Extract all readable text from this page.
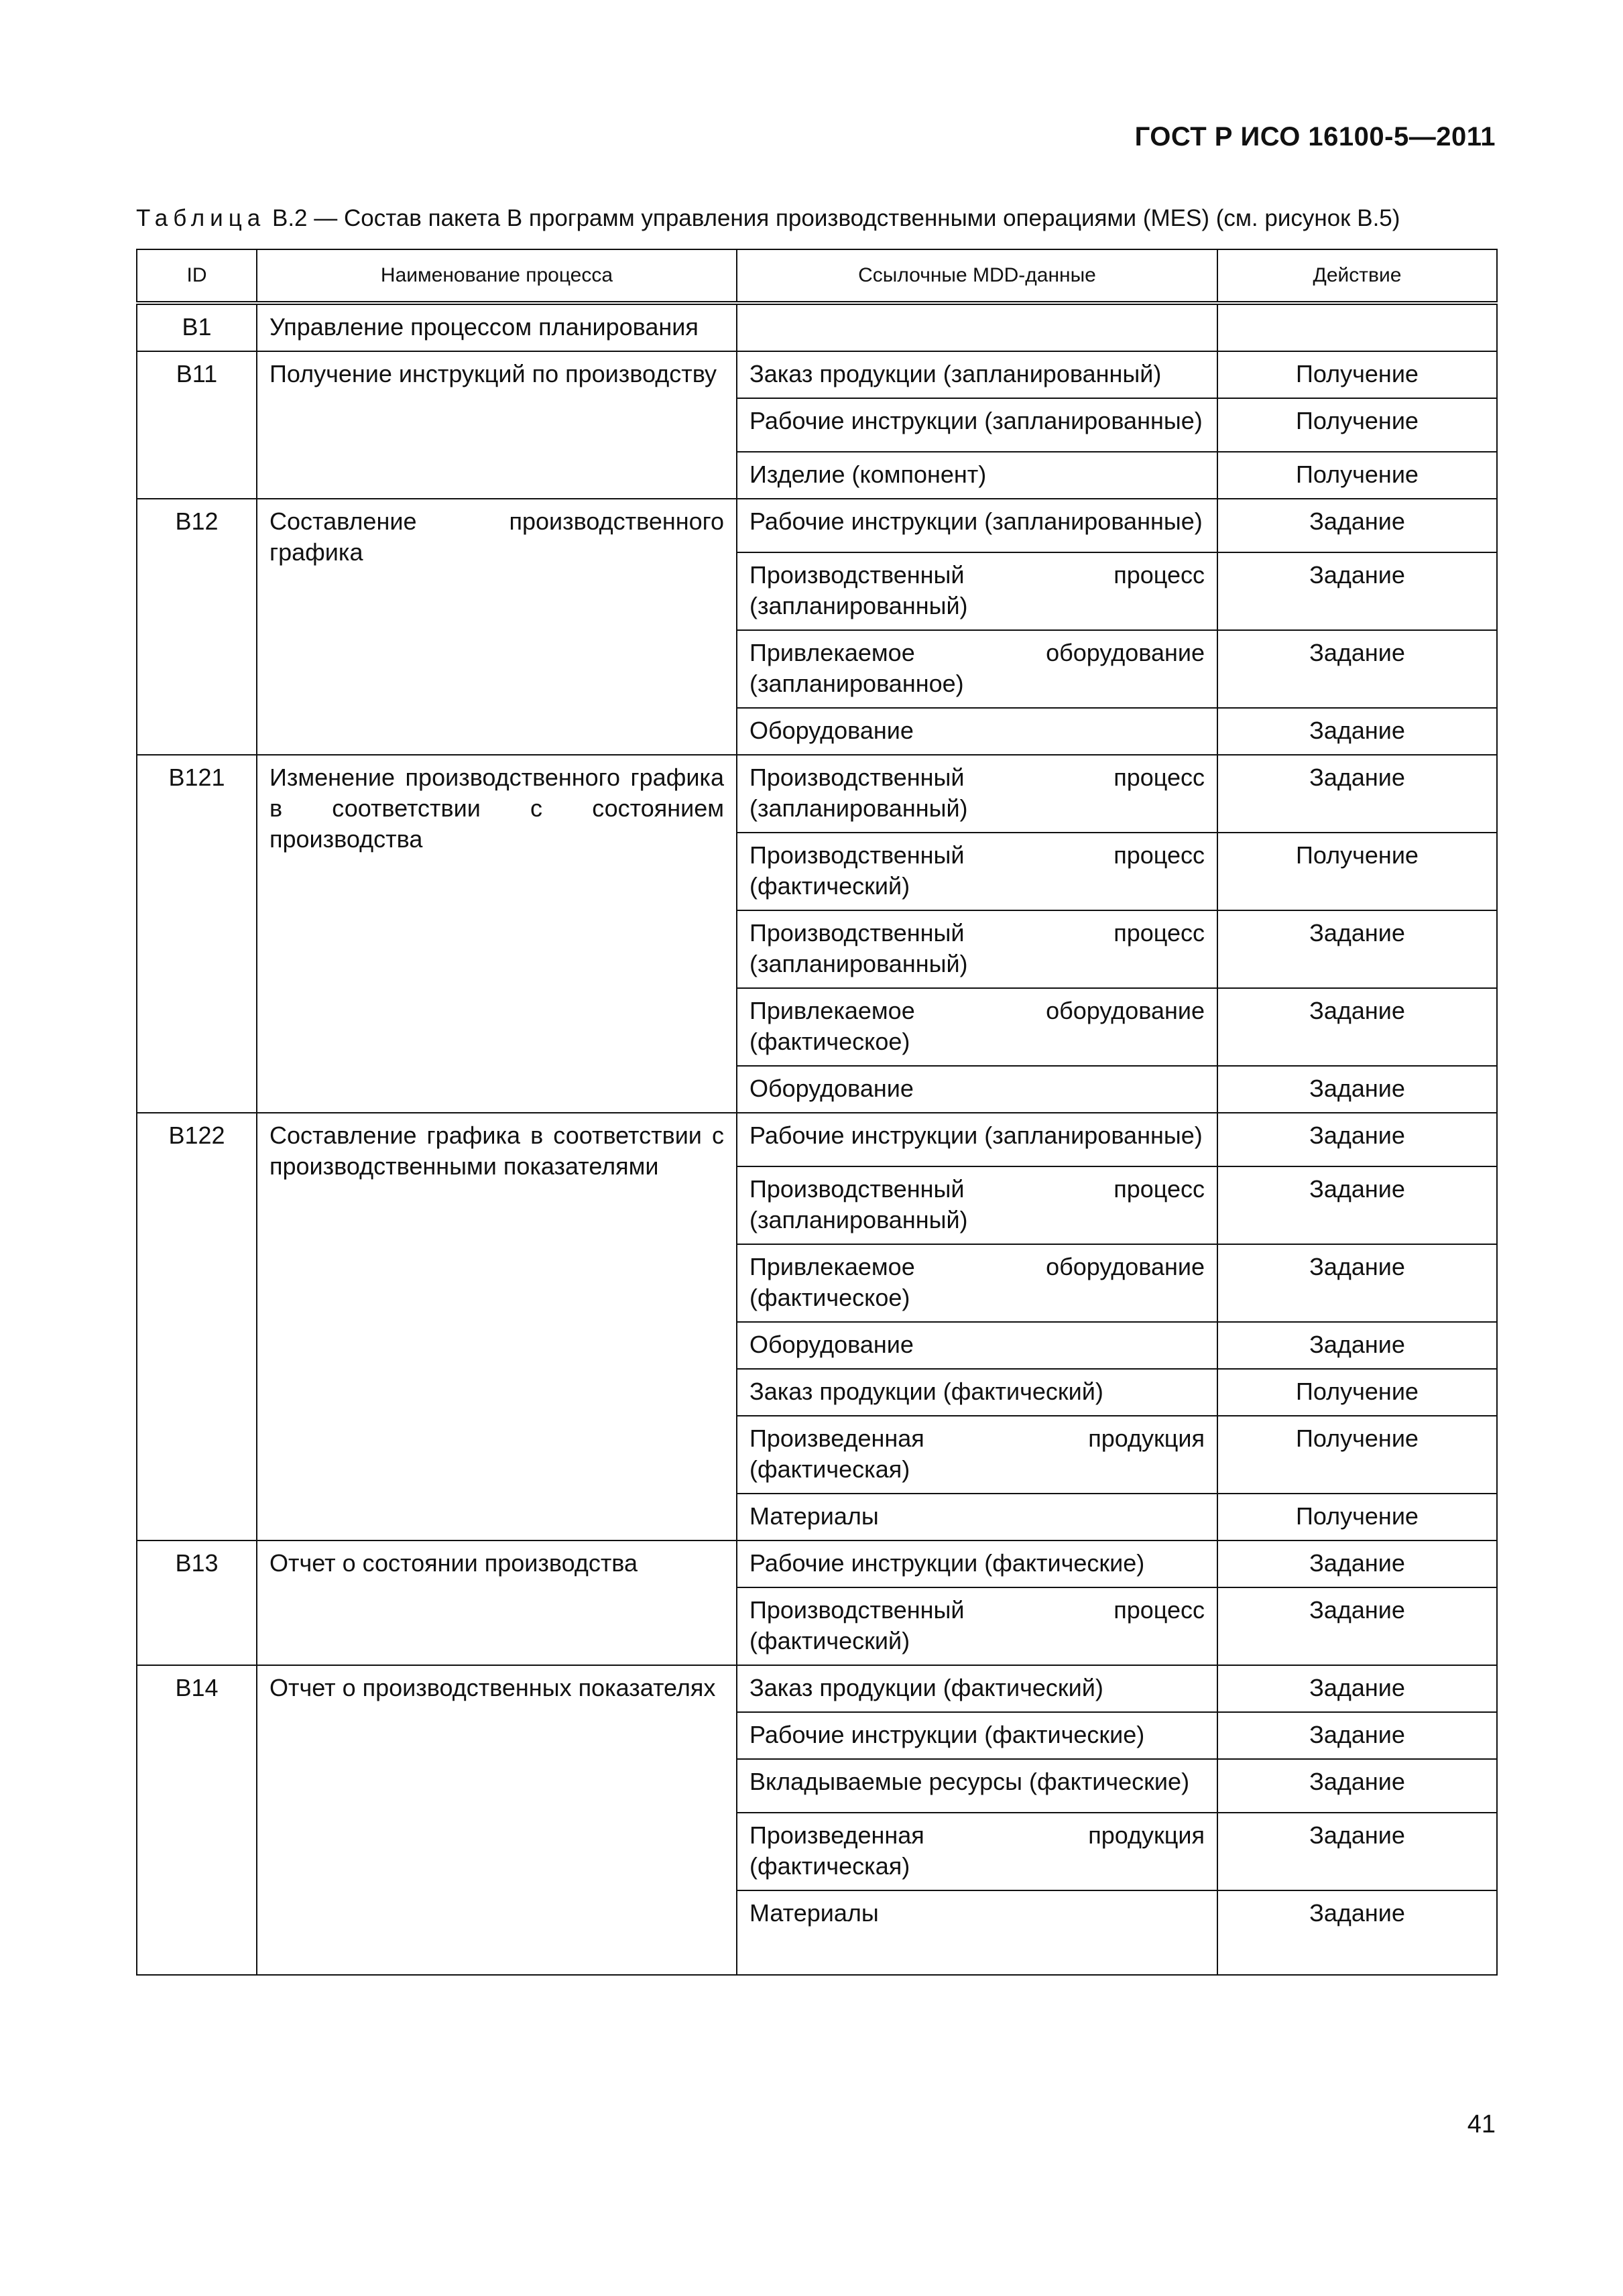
ГОСТ Р ИСО 16100-5—2011
Таблица В.2 — Состав пакета В программ управления производственными операциями (MES) (см. рисунок В.5)
ID	Наименование процесса	Ссылочные MDD-данные	Действие
B1	Управление процессом планирования		
B11	Получение инструкций по производству	Заказ продукции (запланированный)	Получение
		Рабочие инструкции (запланированные)	Получение
		Изделие (компонент)	Получение
B12	Составление производственного графика	Рабочие инструкции (запланированные)	Задание
		Производственный процесс (запланированный)	Задание
		Привлекаемое оборудование (запланированное)	Задание
		Оборудование	Задание
B121	Изменение производственного графика в соответствии с состоянием производства	Производственный процесс (запланированный)	Задание
		Производственный процесс (фактический)	Получение
		Производственный процесс (запланированный)	Задание
		Привлекаемое оборудование (фактическое)	Задание
		Оборудование	Задание
B122	Составление графика в соответствии с производственными показателями	Рабочие инструкции (запланированные)	Задание
		Производственный процесс (запланированный)	Задание
		Привлекаемое оборудование (фактическое)	Задание
		Оборудование	Задание
		Заказ продукции (фактический)	Получение
		Произведенная продукция (фактическая)	Получение
		Материалы	Получение
B13	Отчет о состоянии производства	Рабочие инструкции (фактические)	Задание
		Производственный процесс (фактический)	Задание
B14	Отчет о производственных показателях	Заказ продукции (фактический)	Задание
		Рабочие инструкции (фактические)	Задание
		Вкладываемые ресурсы (фактические)	Задание
		Произведенная продукция (фактическая)	Задание
		Материалы	Задание
41
